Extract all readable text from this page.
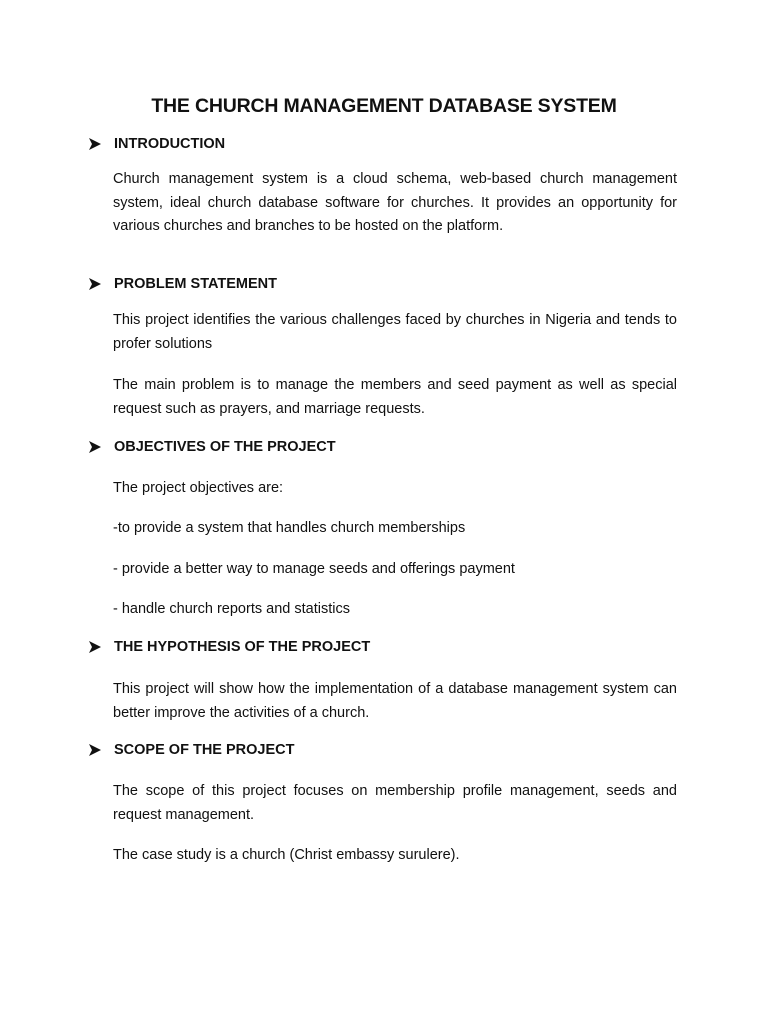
THE CHURCH MANAGEMENT DATABASE SYSTEM
INTRODUCTION
Church management system is a cloud schema, web-based church management system, ideal church database software for churches. It provides an opportunity for various churches and branches to be hosted on the platform.
PROBLEM STATEMENT
This project identifies the various challenges faced by churches in Nigeria and tends to profer solutions
The main problem is to manage the members and seed payment as well as special request such as prayers, and marriage requests.
OBJECTIVES OF THE PROJECT
The project objectives are:
-to provide a system that handles church memberships
- provide a better way to manage seeds and offerings payment
- handle church reports and statistics
THE HYPOTHESIS OF THE PROJECT
This project will show how the implementation of a database management system can better improve the activities of a church.
SCOPE OF THE PROJECT
The scope of this project focuses on membership profile management, seeds and request management.
The case study is a church (Christ embassy surulere).
